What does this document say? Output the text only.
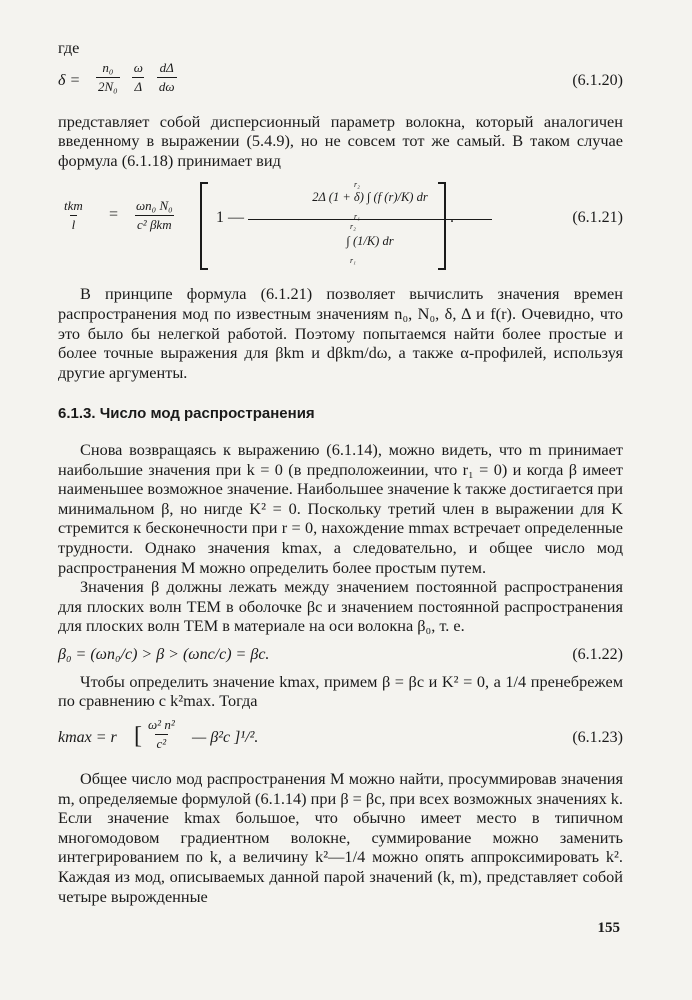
где

$\delta = \frac{\text{n₀}}{\text{2N₀}}$
$\frac{\omega}{\Delta}$
$\frac{d\Delta}{d\omega}$	(6.1.20)

представляет собой дисперсионный параметр волокна, который аналогичен введенному в выражении (5.4.9), но не совсем тот же самый. В таком случае формула (6.1.18) принимает вид

$\frac{\text{tkm}}{l} = \frac{\text{ωn₀ N₀}}{\text{c² βkm}}$	1 — r₂
r₁
2Δ (1 + δ) ∫ (f (r)/K) dr
r₂
r₁
∫ (1/K) dr
.	(6.1.21)

В принципе формула (6.1.21) позволяет вычислить значения времен распространения мод по известным значениям n₀, N₀, δ, Δ и f(r). Очевидно, что это было бы нелегкой работой. Поэтому попытаемся найти более простые и более точные выражения для βkm и dβkm/dω, а также α-профилей, используя другие аргументы.

6.1.3. Число мод распространения

Снова возвращаясь к выражению (6.1.14), можно видеть, что m принимает наибольшие значения при k = 0 (в предположеинии, что r₁ = 0) и когда β имеет наименьшее возможное значение. Наибольшее значение k также достигается при минимальном β, но нигде K² = 0. Поскольку третий член в выражении для K стремится к бесконечности при r = 0, нахождение mmax встречает определенные трудности. Однако значения kmax, а следовательно, и общее число мод распространения M можно определить более простым путем.

Значения β должны лежать между значением постоянной распространения для плоских волн TEM в оболочке βc и значением постоянной распространения для плоских волн TEM в материале на оси волокна β₀, т. е.

β₀ = (ωn₀/c) > β > (ωnc/c) = βc.	(6.1.22)

Чтобы определить значение kmax, примем β = βc и K² = 0, а 1/4 пренебрежем по сравнению с k²max. Тогда

kmax = r [ $\frac{\text{ω² n²}}{\text{c²}}$ — β²c ]¹/².	(6.1.23)

Общее число мод распространения M можно найти, просуммировав значения m, определяемые формулой (6.1.14) при β = βc, при всех возможных значениях k. Если значение kmax большое, что обычно имеет место в типичном многомодовом градиентном волокне, суммирование можно заменить интегрированием по k, а величину k²—1/4 можно опять аппроксимировать k². Каждая из мод, описываемых данной парой значений (k, m), представляет собой четыре вырожденные

155
